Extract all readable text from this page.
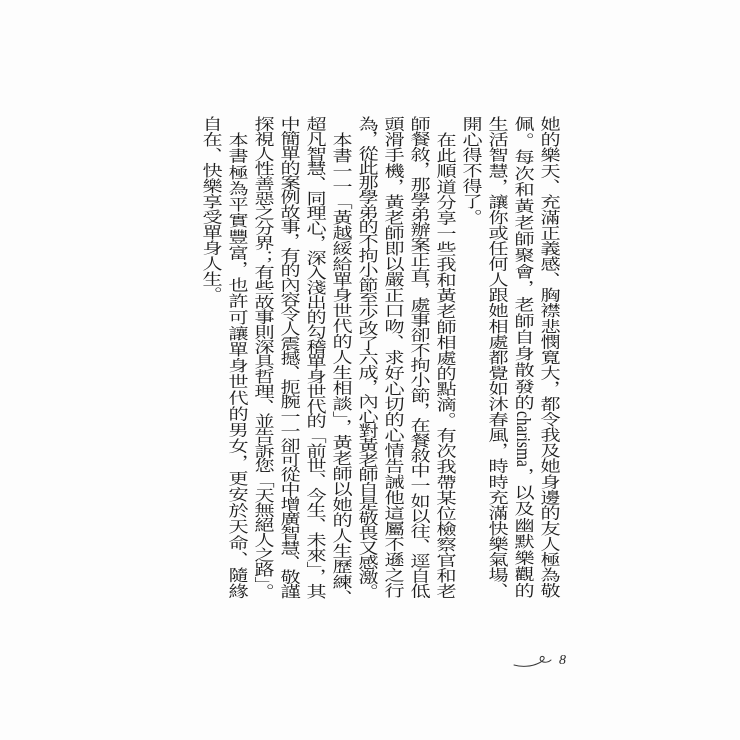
她的樂天、充滿正義感、胸襟悲憫寬大，都令我及她身邊的友人極為敬
佩。每次和黃老師聚會，老師自身散發的charisma，以及幽默樂觀的
生活智慧，讓你或任何人跟她相處都覺如沐春風，時時充滿快樂氣場、
開心得不得了。
在此順道分享一些我和黃老師相處的點滴。有次我帶某位檢察官和老
師餐敘，那學弟辦案正直，處事卻不拘小節，在餐敘中一如以往、逕自低
頭滑手機，黃老師即以嚴正口吻、求好心切的心情告誡他這屬不遜之行
為，從此那學弟的不拘小節至少改了六成，內心對黃老師自是敬畏又感激。
本書一一「黃越綏給單身世代的人生相談」，黃老師以她的人生歷練、
超凡智慧、同理心，深入淺出的勾稽單身世代的「前世、今生、未來」，其
中簡單的案例故事，有的內容令人震撼、扼腕一一卻可從中增廣智慧、敬謹
探視人性善惡之分界；有些故事則深具哲理、並告訴您「天無絕人之路」。
本書極為平實豐富，也許可讓單身世代的男女，更安於天命、隨緣
自在、快樂享受單身人生。
8
